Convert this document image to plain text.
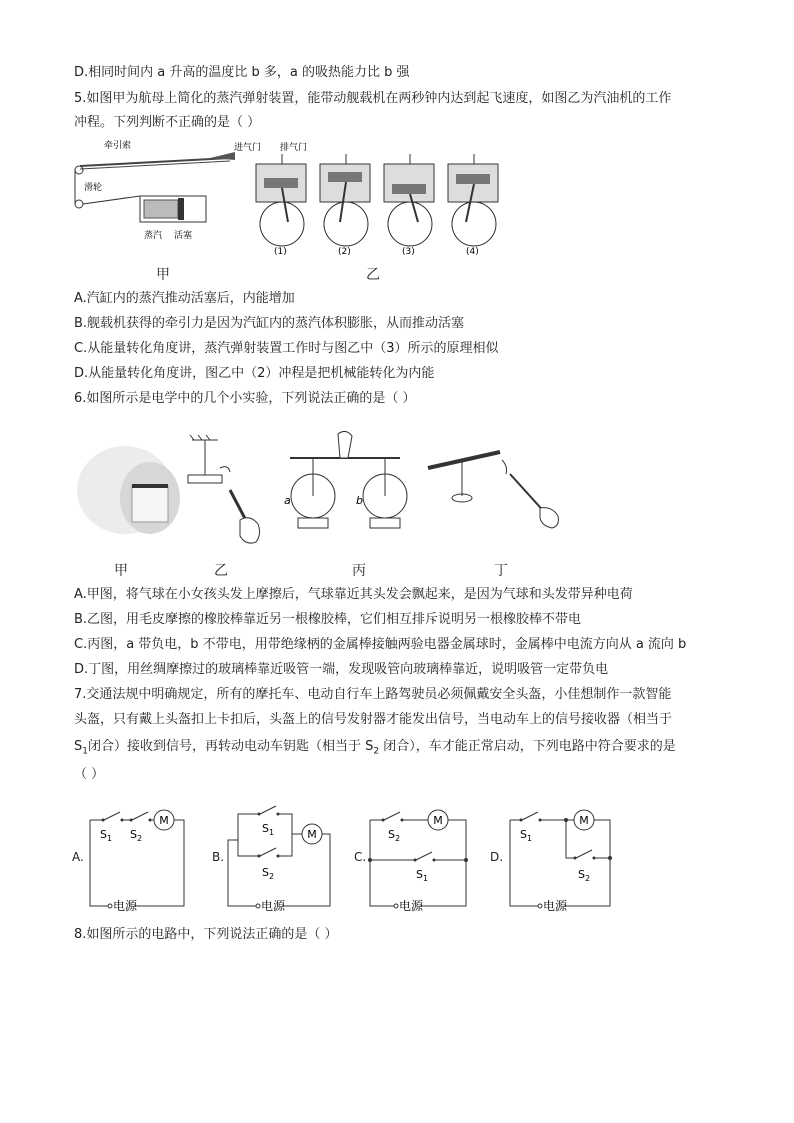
D.相同时间内 a 升高的温度比 b 多，a 的吸热能力比 b 强
5.如图甲为航母上简化的蒸汽弹射装置，能带动舰载机在两秒钟内达到起飞速度，如图乙为汽油机的工作
冲程。下列判断不正确的是（ ）
牵引索
滑轮
蒸汽 活塞
进气门 排气门
(1)	(2)	(3)	(4)
甲	乙
A.汽缸内的蒸汽推动活塞后，内能增加
B.舰载机获得的牵引力是因为汽缸内的蒸汽体积膨胀，从而推动活塞
C.从能量转化角度讲，蒸汽弹射装置工作时与图乙中（3）所示的原理相似
D.从能量转化角度讲，图乙中（2）冲程是把机械能转化为内能
6.如图所示是电学中的几个小实验，下列说法正确的是（ ）
a	b
甲	乙	丙	丁
A.甲图，将气球在小女孩头发上摩擦后，气球靠近其头发会飘起来，是因为气球和头发带异种电荷
B.乙图，用毛皮摩擦的橡胶棒靠近另一根橡胶棒，它们相互排斥说明另一根橡胶棒不带电
C.丙图，a 带负电，b 不带电，用带绝缘柄的金属棒接触两验电器金属球时，金属棒中电流方向从 a 流向 b
D.丁图，用丝绸摩擦过的玻璃棒靠近吸管一端，发现吸管向玻璃棒靠近，说明吸管一定带负电
7.交通法规中明确规定，所有的摩托车、电动自行车上路驾驶员必须佩戴安全头盔，小佳想制作一款智能
头盔，只有戴上头盔扣上卡扣后，头盔上的信号发射器才能发出信号，当电动车上的信号接收器（相当于
$S_1$闭合）接收到信号，再转动电动车钥匙（相当于 $S_2$ 闭合），车才能正常启动，下列电路中符合要求的是
（ ）
A.
M
电源
$S_1$ $S_2$
B.
M
电源
$S_1$
$S_2$
C.
M
电源
$S_2$
$S_1$
D.
M
电源
$S_1$
$S_2$
8.如图所示的电路中，下列说法正确的是（ ）
